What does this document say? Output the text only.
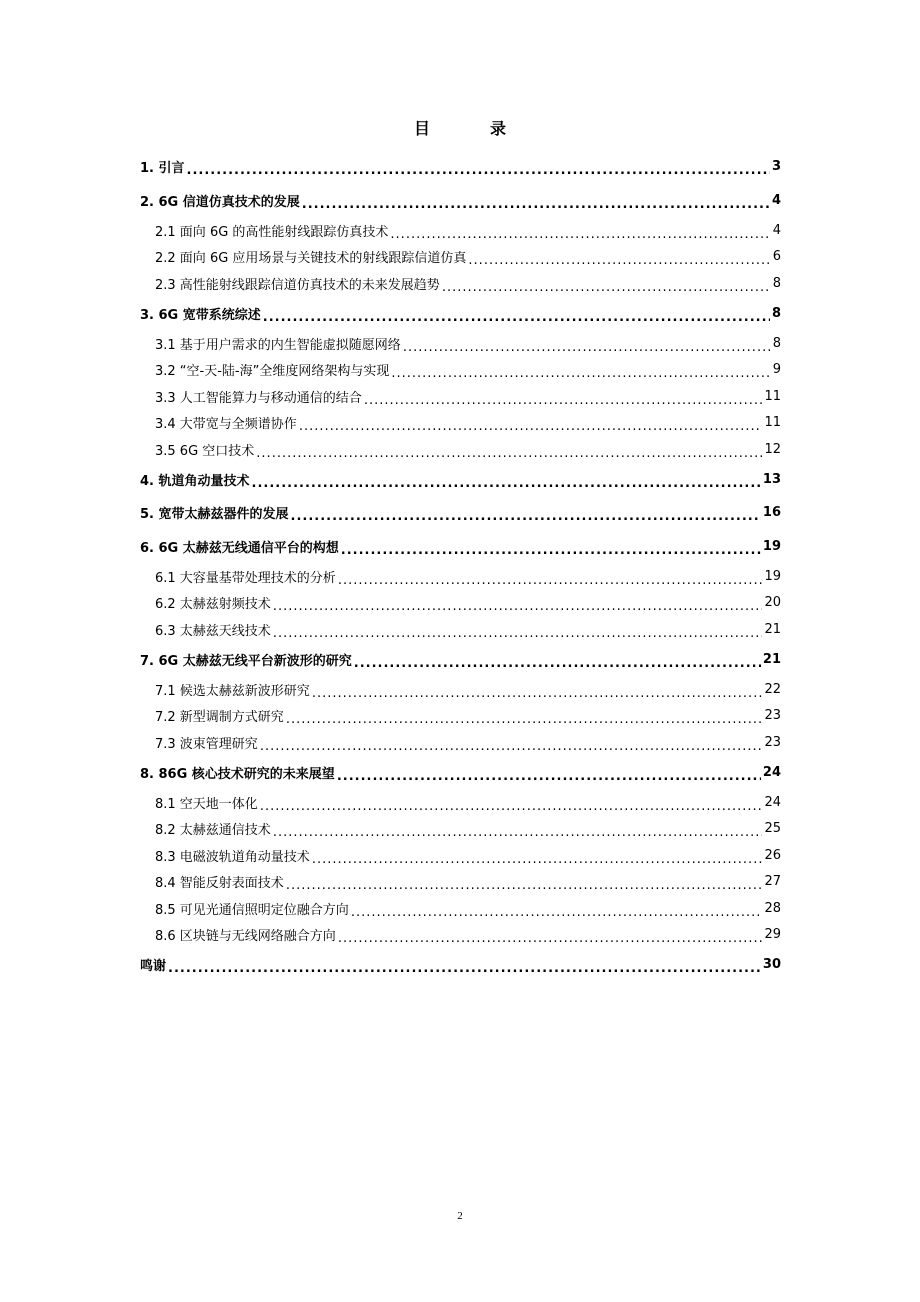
目　录
1. 引言 .....	3
2. 6G 信道仿真技术的发展 .....	4
2.1 面向 6G 的高性能射线跟踪仿真技术 .....	4
2.2 面向 6G 应用场景与关键技术的射线跟踪信道仿真 .....	6
2.3 高性能射线跟踪信道仿真技术的未来发展趋势 .....	8
3. 6G 宽带系统综述 .....	8
3.1 基于用户需求的内生智能虚拟随愿网络 .....	8
3.2 “空-天-陆-海”全维度网络架构与实现 .....	9
3.3 人工智能算力与移动通信的结合 .....	11
3.4 大带宽与全频谱协作 .....	11
3.5 6G 空口技术 .....	12
4. 轨道角动量技术 .....	13
5. 宽带太赫兹器件的发展 .....	16
6. 6G 太赫兹无线通信平台的构想 .....	19
6.1 大容量基带处理技术的分析 .....	19
6.2 太赫兹射频技术 .....	20
6.3 太赫兹天线技术 .....	21
7. 6G 太赫兹无线平台新波形的研究 .....	21
7.1 候选太赫兹新波形研究 .....	22
7.2 新型调制方式研究 .....	23
7.3 波束管理研究 .....	23
8. 86G 核心技术研究的未来展望 .....	24
8.1 空天地一体化 .....	24
8.2 太赫兹通信技术 .....	25
8.3 电磁波轨道角动量技术 .....	26
8.4 智能反射表面技术 .....	27
8.5 可见光通信照明定位融合方向 .....	28
8.6 区块链与无线网络融合方向 .....	29
鸣谢 .....	30
2
